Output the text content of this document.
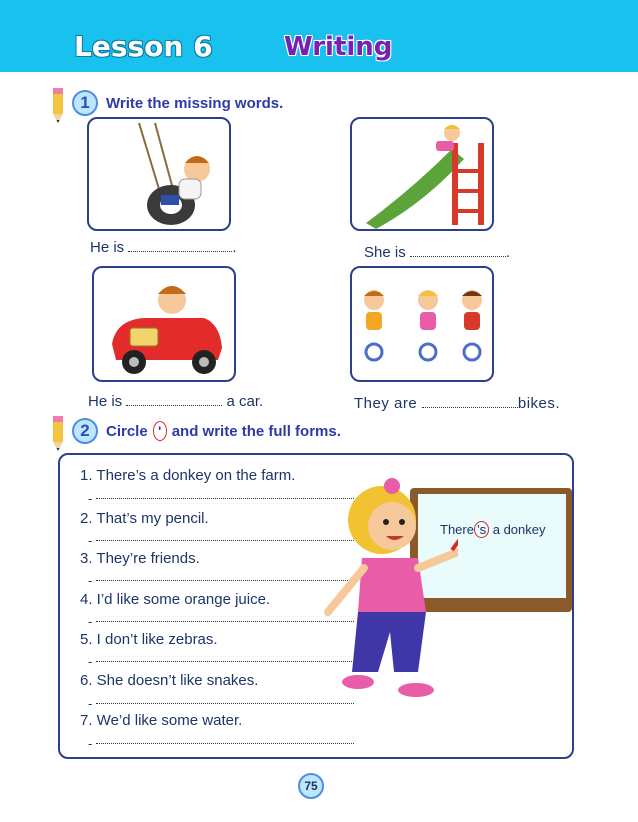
Lesson 6	Writing
1	Write the missing words.
He is	.	She is	.
He is	a car.	They are	bikes.
2	Circle ' and write the full forms.
1. There’s a donkey on the farm.
-
2. That’s my pencil.
-
3. They’re friends.
-
4. I’d like some orange juice.
-
5. I don’t like zebras.
-
6. She doesn’t like snakes.
-
7. We’d like some water.
-
There ’s a donkey
75
